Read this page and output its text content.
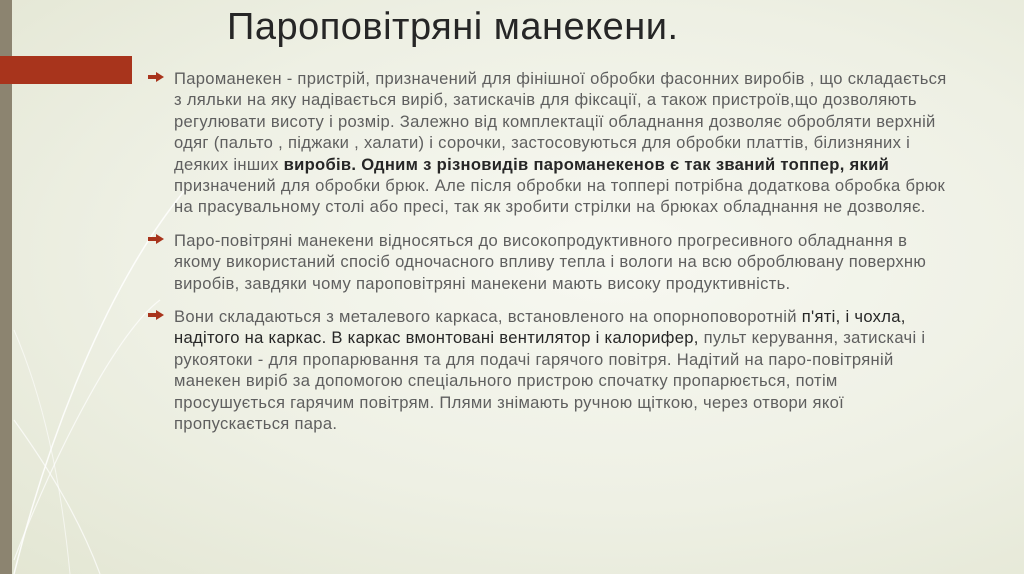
Пароповітряні манекени.

Пароманекен - пристрій, призначений для фінішної обробки фасонних виробів , що складається з ляльки на яку надівається виріб, затискачів для фіксації, а також пристроїв,що дозволяють регулювати висоту і розмір. Залежно від комплектації обладнання дозволяє обробляти верхній одяг (пальто , піджаки , халати) і сорочки, застосовуються для обробки платтів, білизняних і деяких інших виробів. Одним з різновидів пароманекенов є так званий топпер, який призначений для обробки брюк. Але після обробки на топпері потрібна додаткова обробка брюк на прасувальному столі або пресі, так як зробити стрілки на брюках обладнання не дозволяє.

Паро-повітряні манекени відносяться до високопродуктивного прогресивного обладнання в якому використаний спосіб одночасного впливу тепла і вологи на всю оброблювану поверхню виробів, завдяки чому пароповітряні манекени мають високу продуктивність.

Вони складаються з металевого каркаса, встановленого на опорноповоротній п'яті, і чохла, надітого на каркас. В каркас вмонтовані вентилятор і калорифер, пульт керування, затискачі і рукоятоки - для пропарювання та для подачі гарячого повітря. Надітий на паро-повітряній манекен виріб за допомогою спеціального пристрою спочатку пропарюється, потім просушується гарячим повітрям. Плями знімають ручною щіткою, через отвори якої пропускається пара.
